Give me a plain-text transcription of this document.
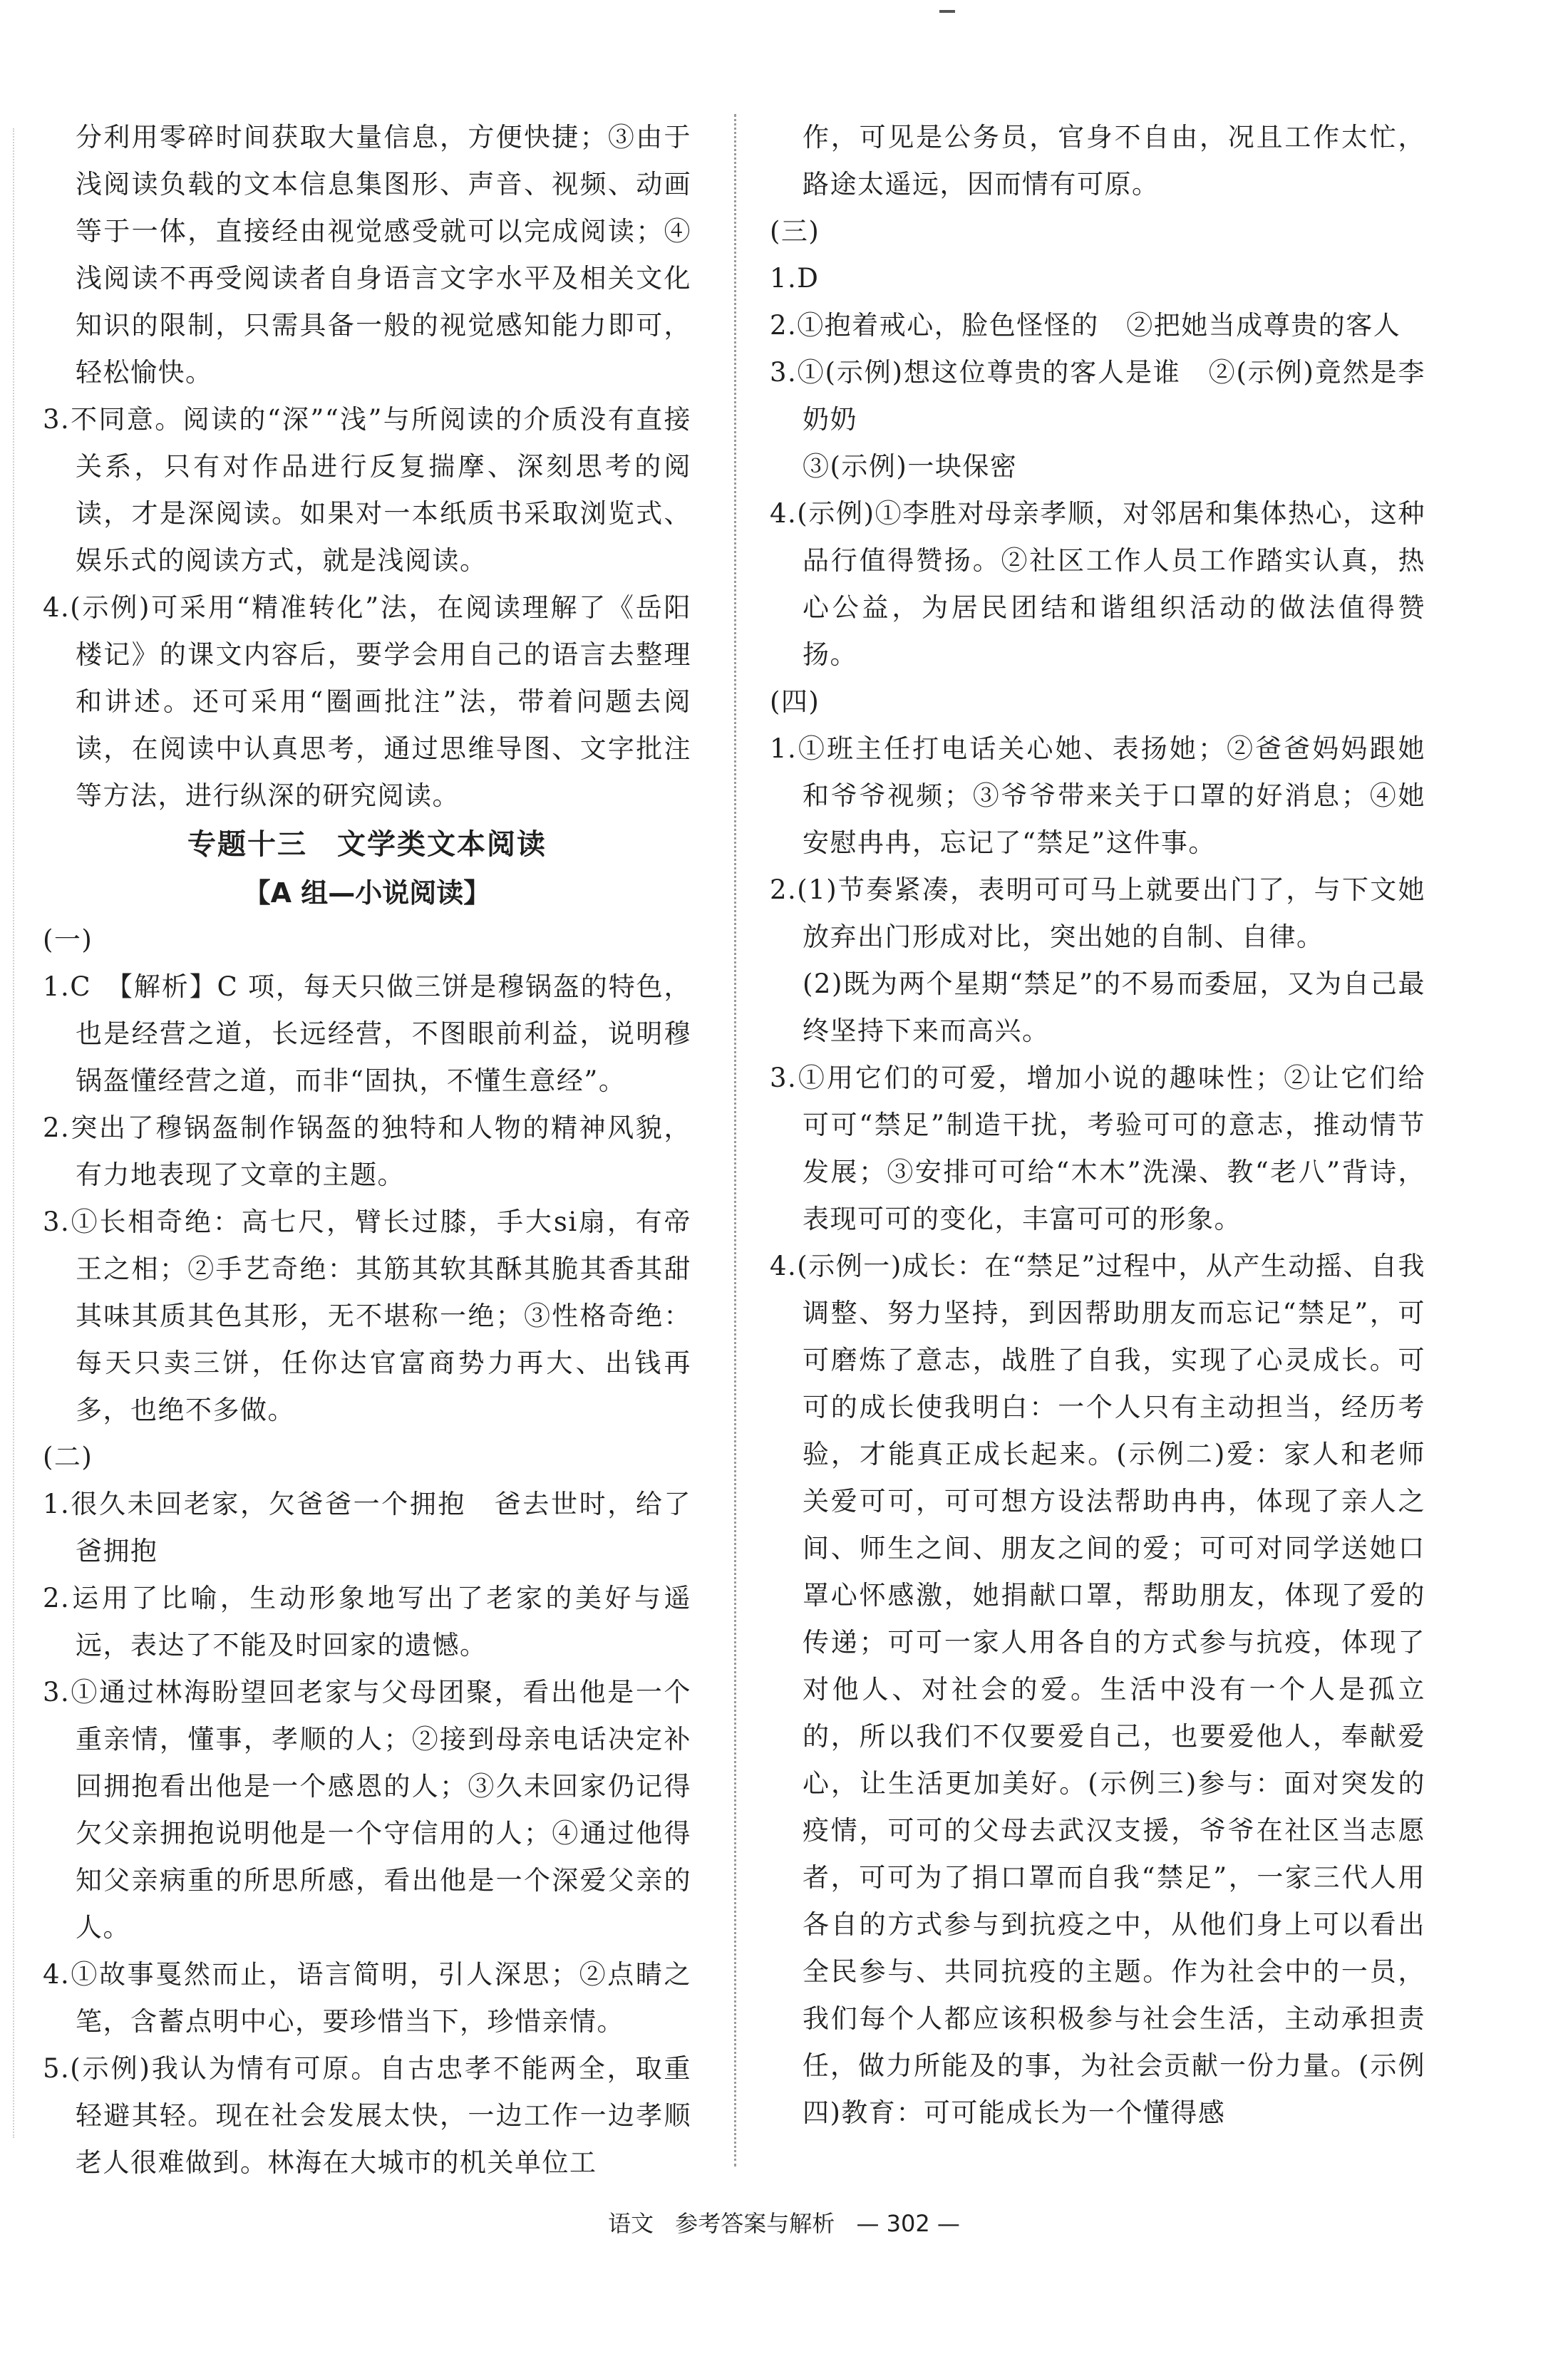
分利用零碎时间获取大量信息，方便快捷；③由于浅阅读负载的文本信息集图形、声音、视频、动画等于一体，直接经由视觉感受就可以完成阅读；④浅阅读不再受阅读者自身语言文字水平及相关文化知识的限制，只需具备一般的视觉感知能力即可，轻松愉快。

3.不同意。阅读的“深”“浅”与所阅读的介质没有直接关系，只有对作品进行反复揣摩、深刻思考的阅读，才是深阅读。如果对一本纸质书采取浏览式、娱乐式的阅读方式，就是浅阅读。

4.(示例)可采用“精准转化”法，在阅读理解了《岳阳楼记》的课文内容后，要学会用自己的语言去整理和讲述。还可采用“圈画批注”法，带着问题去阅读，在阅读中认真思考，通过思维导图、文字批注等方法，进行纵深的研究阅读。

专题十三　文学类文本阅读

【A 组—小说阅读】

(一)

1.C　【解析】C 项，每天只做三饼是穆锅盔的特色，也是经营之道，长远经营，不图眼前利益，说明穆锅盔懂经营之道，而非“固执，不懂生意经”。

2.突出了穆锅盔制作锅盔的独特和人物的精神风貌，有力地表现了文章的主题。

3.①长相奇绝：高七尺，臂长过膝，手大si扇，有帝王之相；②手艺奇绝：其筋其软其酥其脆其香其甜其味其质其色其形，无不堪称一绝；③性格奇绝：每天只卖三饼，任你达官富商势力再大、出钱再多，也绝不多做。

(二)

1.很久未回老家，欠爸爸一个拥抱　爸去世时，给了爸拥抱

2.运用了比喻，生动形象地写出了老家的美好与遥远，表达了不能及时回家的遗憾。

3.①通过林海盼望回老家与父母团聚，看出他是一个重亲情，懂事，孝顺的人；②接到母亲电话决定补回拥抱看出他是一个感恩的人；③久未回家仍记得欠父亲拥抱说明他是一个守信用的人；④通过他得知父亲病重的所思所感，看出他是一个深爱父亲的人。

4.①故事戛然而止，语言简明，引人深思；②点睛之笔，含蓄点明中心，要珍惜当下，珍惜亲情。

5.(示例)我认为情有可原。自古忠孝不能两全，取重轻避其轻。现在社会发展太快，一边工作一边孝顺老人很难做到。林海在大城市的机关单位工

作，可见是公务员，官身不自由，况且工作太忙，路途太遥远，因而情有可原。

(三)

1.D

2.①抱着戒心，脸色怪怪的　②把她当成尊贵的客人

3.①(示例)想这位尊贵的客人是谁　②(示例)竟然是李奶奶

③(示例)一块保密

4.(示例)①李胜对母亲孝顺，对邻居和集体热心，这种品行值得赞扬。②社区工作人员工作踏实认真，热心公益，为居民团结和谐组织活动的做法值得赞扬。

(四)

1.①班主任打电话关心她、表扬她；②爸爸妈妈跟她和爷爷视频；③爷爷带来关于口罩的好消息；④她安慰冉冉，忘记了“禁足”这件事。

2.(1)节奏紧凑，表明可可马上就要出门了，与下文她放弃出门形成对比，突出她的自制、自律。

(2)既为两个星期“禁足”的不易而委屈，又为自己最终坚持下来而高兴。

3.①用它们的可爱，增加小说的趣味性；②让它们给可可“禁足”制造干扰，考验可可的意志，推动情节发展；③安排可可给“木木”洗澡、教“老八”背诗，表现可可的变化，丰富可可的形象。

4.(示例一)成长：在“禁足”过程中，从产生动摇、自我调整、努力坚持，到因帮助朋友而忘记“禁足”，可可磨炼了意志，战胜了自我，实现了心灵成长。可可的成长使我明白：一个人只有主动担当，经历考验，才能真正成长起来。(示例二)爱：家人和老师关爱可可，可可想方设法帮助冉冉，体现了亲人之间、师生之间、朋友之间的爱；可可对同学送她口罩心怀感激，她捐献口罩，帮助朋友，体现了爱的传递；可可一家人用各自的方式参与抗疫，体现了对他人、对社会的爱。生活中没有一个人是孤立的，所以我们不仅要爱自己，也要爱他人，奉献爱心，让生活更加美好。(示例三)参与：面对突发的疫情，可可的父母去武汉支援，爷爷在社区当志愿者，可可为了捐口罩而自我“禁足”，一家三代人用各自的方式参与到抗疫之中，从他们身上可以看出全民参与、共同抗疫的主题。作为社会中的一员，我们每个人都应该积极参与社会生活，主动承担责任，做力所能及的事，为社会贡献一份力量。(示例四)教育：可可能成长为一个懂得感

语文 参考答案与解析 — 302 —
